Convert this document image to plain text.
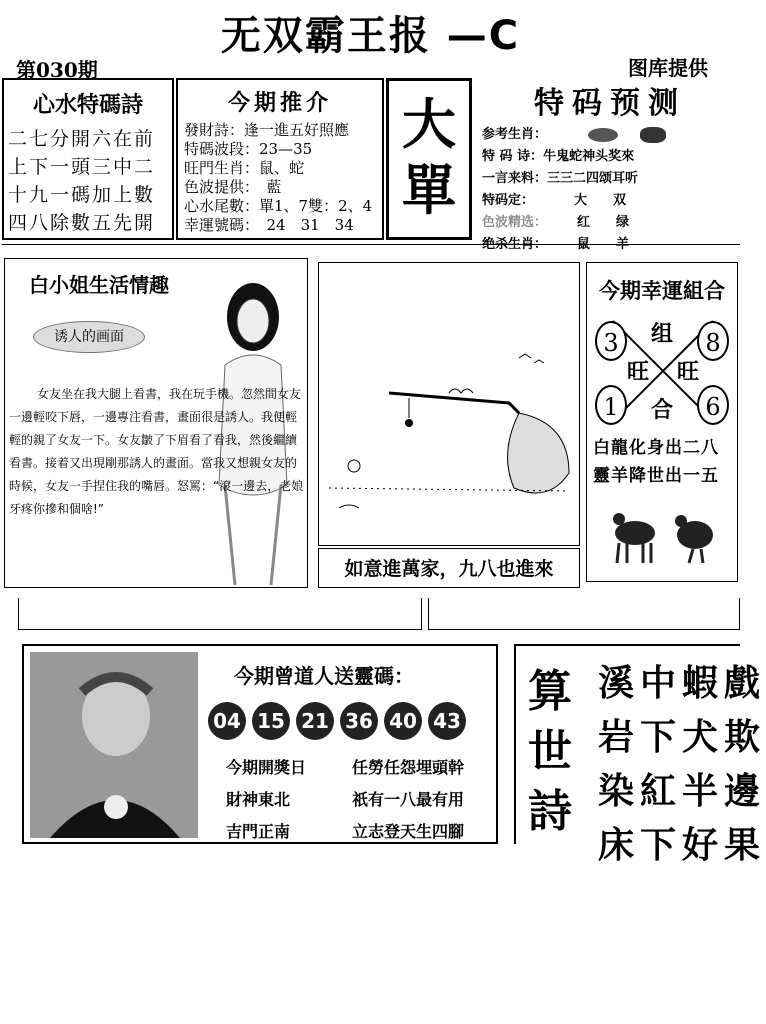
无双霸王报 —C
第030期	图库提供
心水特碼詩
二七分開六在前
上下一頭三中二
十九一碼加上數
四八除數五先開
今期推介
發財詩：逢一進五好照應
特碼波段：23—35
旺門生肖：鼠、蛇
色波提供：　藍
心水尾數：單1、7雙：2、4
幸運號碼：　24　31　34
大
單
特码预测
参考生肖：
特 码 诗：牛鬼蛇神头奖來
一言来料：三三二四颂耳听
特码定：	大　　双
色波精选： 红　　绿
绝杀生肖： 鼠　　羊
白小姐生活情趣
诱人的画面
女友坐在我大腿上看書，我在玩手機。忽然間女友一邊輕咬下唇，一邊專注看書，畫面很是誘人。我便輕輕的親了女友一下。女友皺了下眉看了看我，然後繼續看書。接着又出現剛那誘人的畫面。當我又想親女友的時候，女友一手捏住我的嘴唇。怒罵：“滾一邊去，老娘牙疼你摻和個啥!”
如意進萬家，九八也進來
今期幸運組合
3	8
1	6
组
合
旺 旺
白龍化身出二八
靈羊降世出一五
今期曾道人送靈碼：
04 15 21 36 40 43
今期開獎日
財神東北
吉門正南
任勞任怨埋頭幹
祇有一八最有用
立志登天生四腳
算世詩
溪中蝦戲
岩下犬欺
染紅半邊
床下好果
